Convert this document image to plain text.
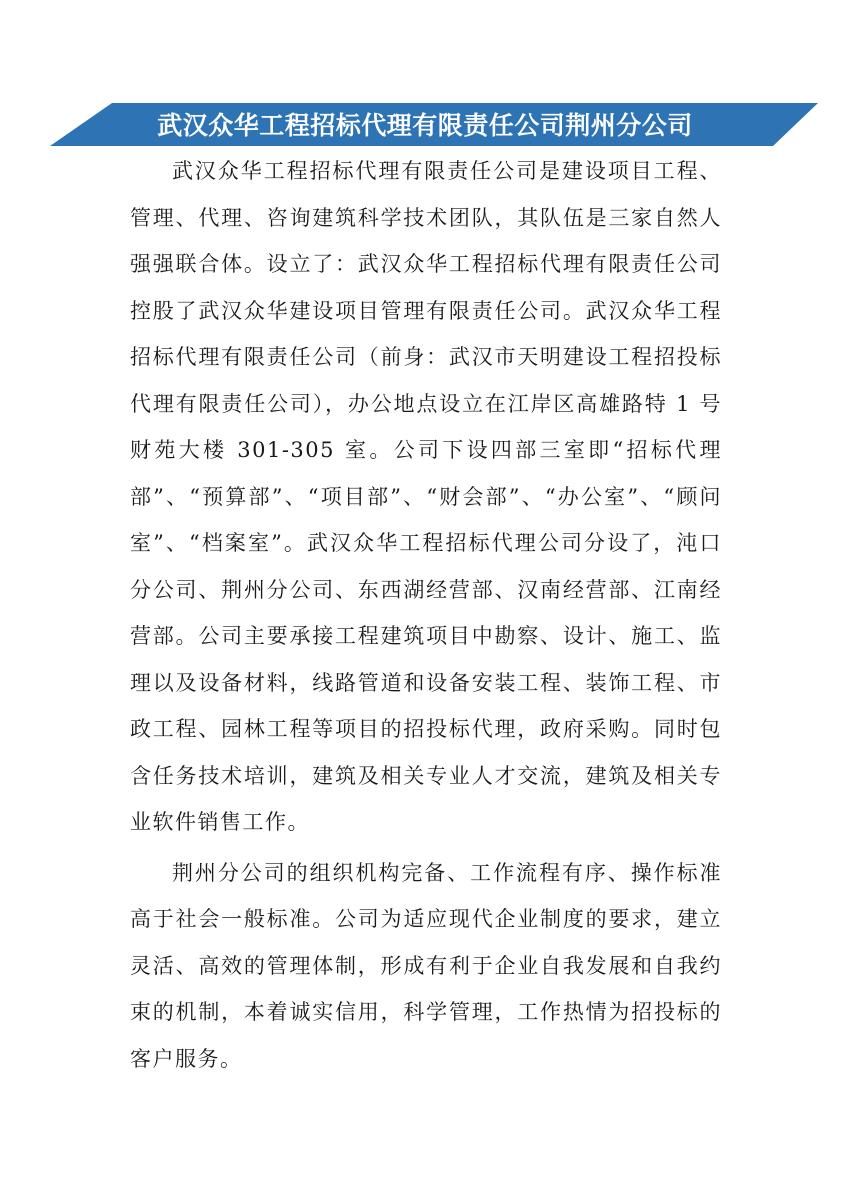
武汉众华工程招标代理有限责任公司荆州分公司

武汉众华工程招标代理有限责任公司是建设项目工程、管理、代理、咨询建筑科学技术团队，其队伍是三家自然人强强联合体。设立了：武汉众华工程招标代理有限责任公司控股了武汉众华建设项目管理有限责任公司。武汉众华工程招标代理有限责任公司（前身：武汉市天明建设工程招投标代理有限责任公司），办公地点设立在江岸区高雄路特 1 号财苑大楼 301-305 室。公司下设四部三室即“招标代理部”、“预算部”、“项目部”、“财会部”、“办公室”、“顾问室”、“档案室”。武汉众华工程招标代理公司分设了，沌口分公司、荆州分公司、东西湖经营部、汉南经营部、江南经营部。公司主要承接工程建筑项目中勘察、设计、施工、监理以及设备材料，线路管道和设备安装工程、装饰工程、市政工程、园林工程等项目的招投标代理，政府采购。同时包含任务技术培训，建筑及相关专业人才交流，建筑及相关专业软件销售工作。

荆州分公司的组织机构完备、工作流程有序、操作标准高于社会一般标准。公司为适应现代企业制度的要求，建立灵活、高效的管理体制，形成有利于企业自我发展和自我约束的机制，本着诚实信用，科学管理，工作热情为招投标的客户服务。
